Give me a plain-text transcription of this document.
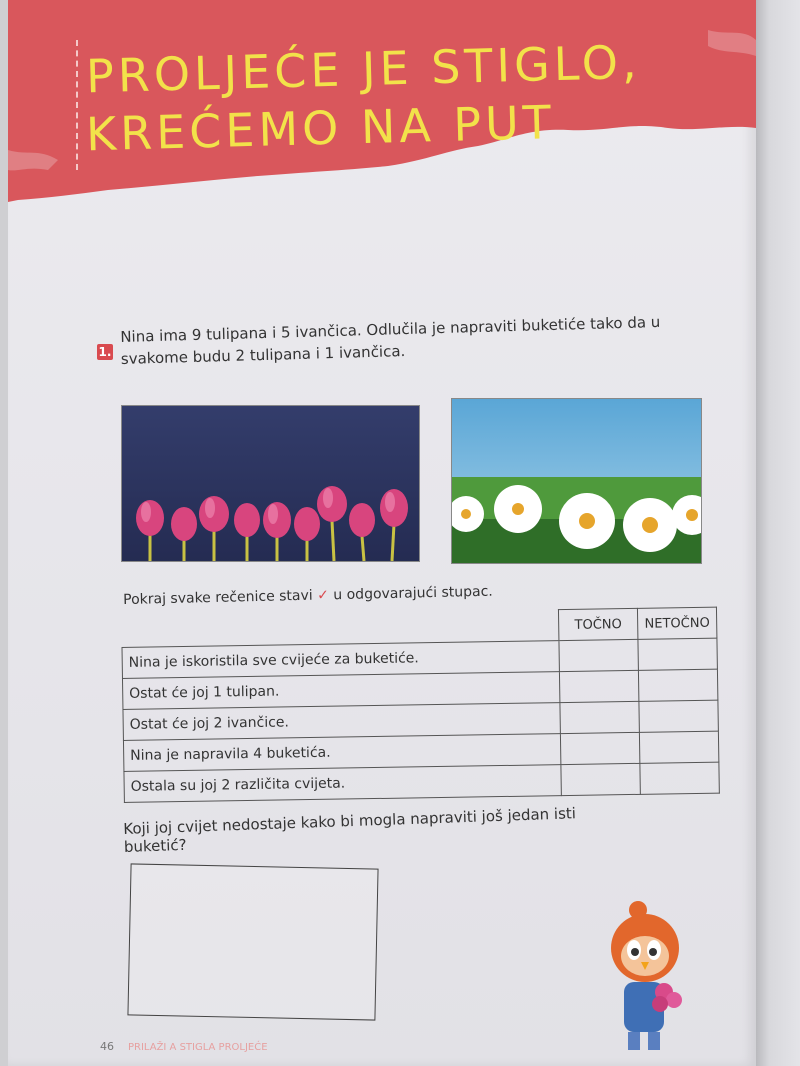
PROLJEĆE JE STIGLO,
KREĆEMO NA PUT
1.
Nina ima 9 tulipana i 5 ivančica. Odlučila je napraviti buketiće tako da u svakome budu 2 tulipana i 1 ivančica.
Pokraj svake rečenice stavi ✓ u odgovarajući stupac.
	TOČNO	NETOČNO
Nina je iskoristila sve cvijeće za buketiće.		
Ostat će joj 1 tulipan.		
Ostat će joj 2 ivančice.		
Nina je napravila 4 buketića.		
Ostala su joj 2 različita cvijeta.		
Koji joj cvijet nedostaje kako bi mogla napraviti još jedan isti buketić?
46 PRILAŽI A STIGLA PROLJEĆE
